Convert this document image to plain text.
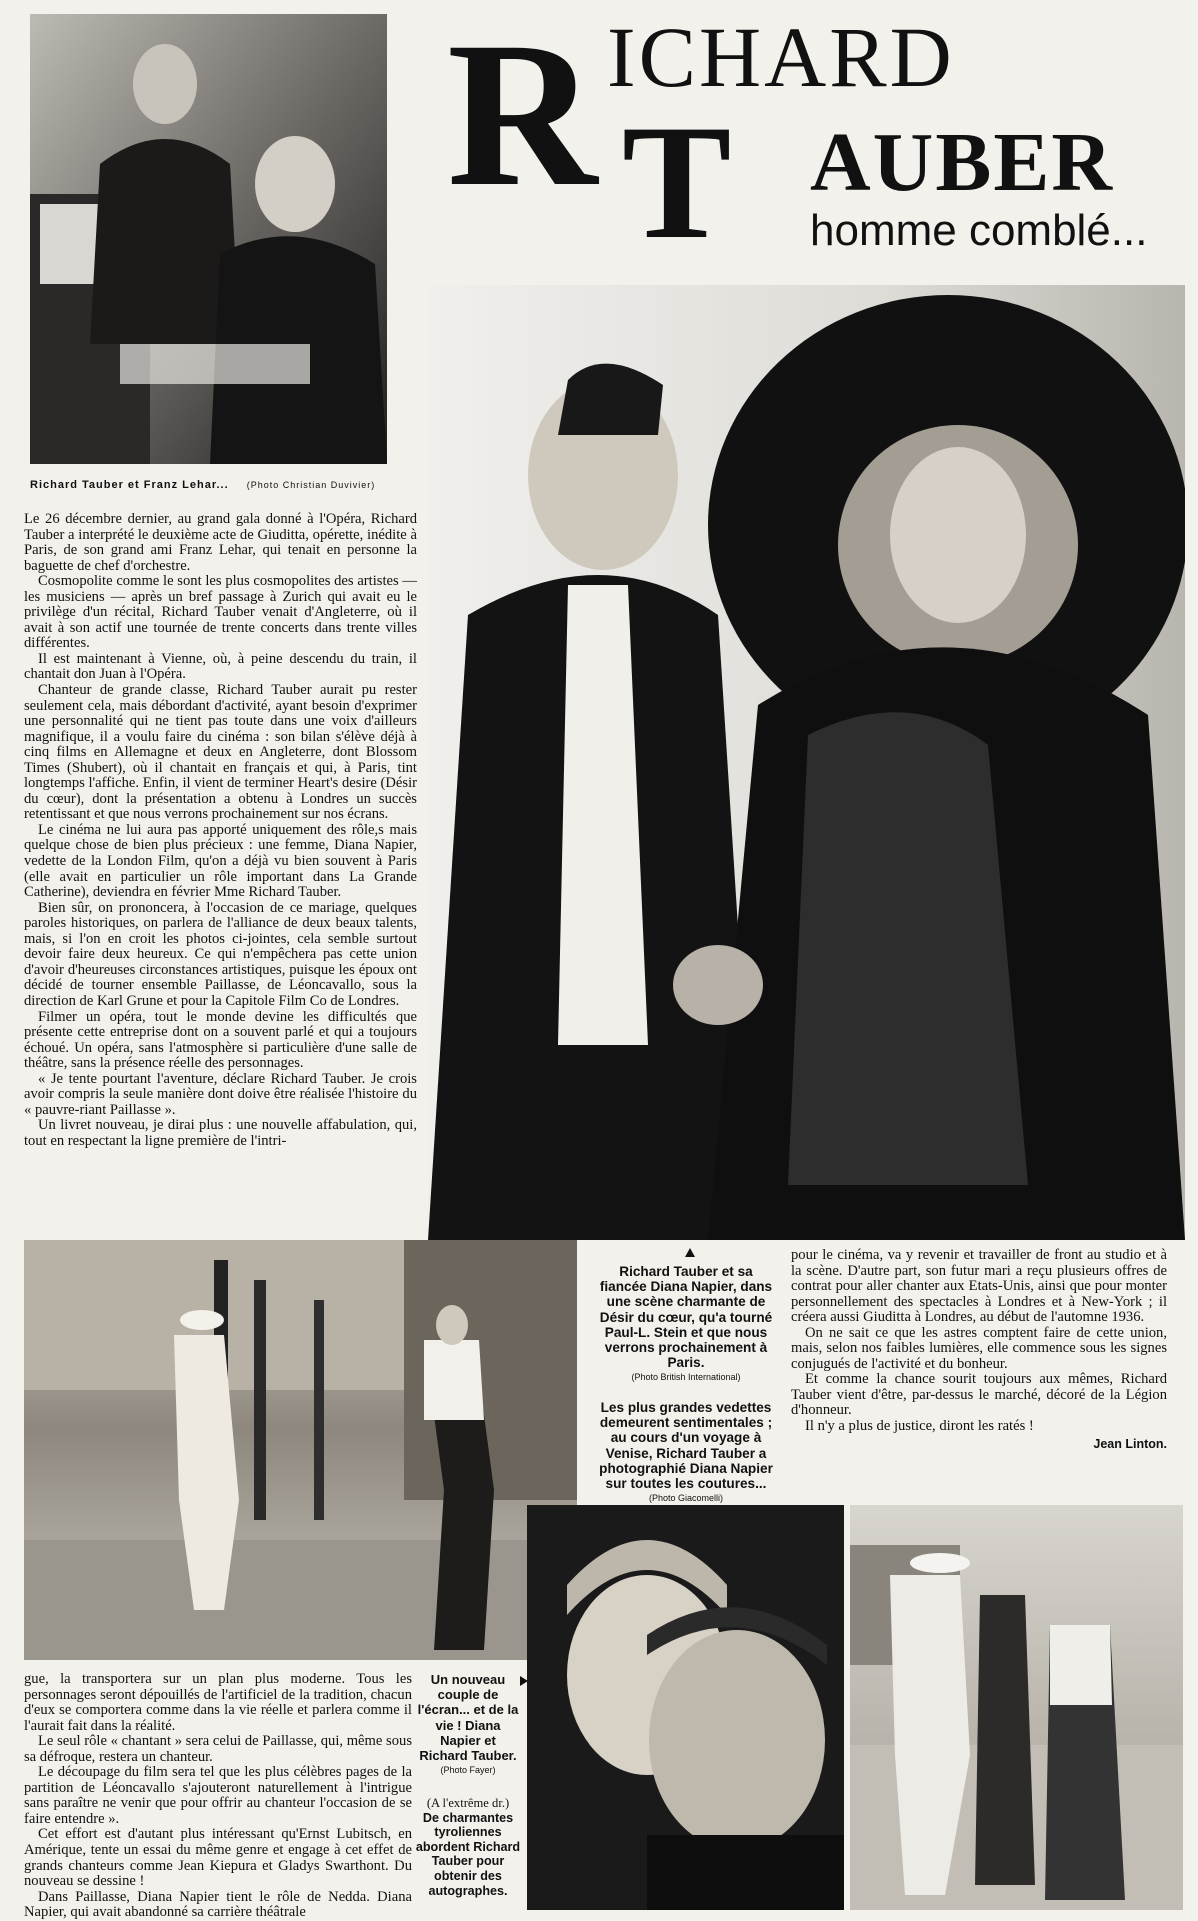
R ICHARD
T AUBER
homme comblé...
Richard Tauber et Franz Lehar... (Photo Christian Duvivier)

Le 26 décembre dernier, au grand gala donné à l'Opéra, Richard Tauber a interprété le deuxième acte de Giuditta, opérette, inédite à Paris, de son grand ami Franz Lehar, qui tenait en personne la baguette de chef d'orchestre.

Cosmopolite comme le sont les plus cosmopolites des artistes — les musiciens — après un bref passage à Zurich qui avait eu le privilège d'un récital, Richard Tauber venait d'Angleterre, où il avait à son actif une tournée de trente concerts dans trente villes différentes.

Il est maintenant à Vienne, où, à peine descendu du train, il chantait don Juan à l'Opéra.

Chanteur de grande classe, Richard Tauber aurait pu rester seulement cela, mais débordant d'activité, ayant besoin d'exprimer une personnalité qui ne tient pas toute dans une voix d'ailleurs magnifique, il a voulu faire du cinéma : son bilan s'élève déjà à cinq films en Allemagne et deux en Angleterre, dont Blossom Times (Shubert), où il chantait en français et qui, à Paris, tint longtemps l'affiche. Enfin, il vient de terminer Heart's desire (Désir du cœur), dont la présentation a obtenu à Londres un succès retentissant et que nous verrons prochainement sur nos écrans.

Le cinéma ne lui aura pas apporté uniquement des rôle,s mais quelque chose de bien plus précieux : une femme, Diana Napier, vedette de la London Film, qu'on a déjà vu bien souvent à Paris (elle avait en particulier un rôle important dans La Grande Catherine), deviendra en février Mme Richard Tauber.

Bien sûr, on prononcera, à l'occasion de ce mariage, quelques paroles historiques, on parlera de l'alliance de deux beaux talents, mais, si l'on en croit les photos ci-jointes, cela semble surtout devoir faire deux heureux. Ce qui n'empêchera pas cette union d'avoir d'heureuses circonstances artistiques, puisque les époux ont décidé de tourner ensemble Paillasse, de Léoncavallo, sous la direction de Karl Grune et pour la Capitole Film Co de Londres.

Filmer un opéra, tout le monde devine les difficultés que présente cette entreprise dont on a souvent parlé et qui a toujours échoué. Un opéra, sans l'atmosphère si particulière d'une salle de théâtre, sans la présence réelle des personnages.

« Je tente pourtant l'aventure, déclare Richard Tauber. Je crois avoir compris la seule manière dont doive être réalisée l'histoire du « pauvre-riant Paillasse ».

Un livret nouveau, je dirai plus : une nouvelle affabulation, qui, tout en respectant la ligne première de l'intri-

Richard Tauber et sa fiancée Diana Napier, dans une scène charmante de Désir du cœur, qu'a tourné Paul-L. Stein et que nous verrons prochainement à Paris.
(Photo British International)
Les plus grandes vedettes demeurent sentimentales ; au cours d'un voyage à Venise, Richard Tauber a photographié Diana Napier sur toutes les coutures...
(Photo Giacomelli)

pour le cinéma, va y revenir et travailler de front au studio et à la scène. D'autre part, son futur mari a reçu plusieurs offres de contrat pour aller chanter aux Etats-Unis, ainsi que pour monter personnellement des spectacles à Londres et à New-York ; il créera aussi Giuditta à Londres, au début de l'automne 1936.

On ne sait ce que les astres comptent faire de cette union, mais, selon nos faibles lumières, elle commence sous les signes conjugués de l'activité et du bonheur.

Et comme la chance sourit toujours aux mêmes, Richard Tauber vient d'être, par-dessus le marché, décoré de la Légion d'honneur.

Il n'y a plus de justice, diront les ratés !

Jean Linton.

gue, la transportera sur un plan plus moderne. Tous les personnages seront dépouillés de l'artificiel de la tradition, chacun d'eux se comportera comme dans la vie réelle et parlera comme il l'aurait fait dans la réalité.

Le seul rôle « chantant » sera celui de Paillasse, qui, même sous sa défroque, restera un chanteur.

Le découpage du film sera tel que les plus célèbres pages de la partition de Léoncavallo s'ajouteront naturellement à l'intrigue sans paraître ne venir que pour offrir au chanteur l'occasion de se faire entendre ».

Cet effort est d'autant plus intéressant qu'Ernst Lubitsch, en Amérique, tente un essai du même genre et engage à cet effet de grands chanteurs comme Jean Kiepura et Gladys Swarthont. Du nouveau se dessine !

Dans Paillasse, Diana Napier tient le rôle de Nedda. Diana Napier, qui avait abandonné sa carrière théâtrale

Un nouveau couple de l'écran... et de la vie ! Diana Napier et Richard Tauber.
(Photo Fayer)
(A l'extrême dr.)
De charmantes tyroliennes abordent Richard Tauber pour obtenir des autographes.
